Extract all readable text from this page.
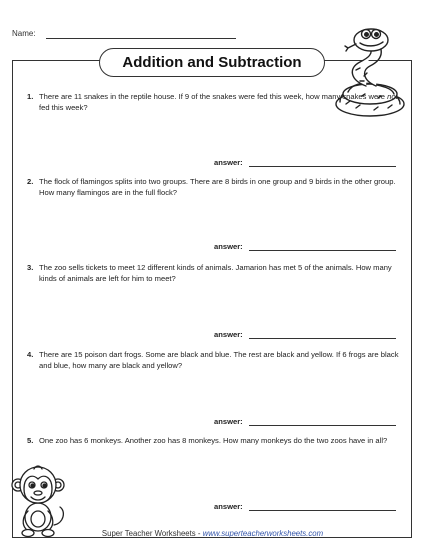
Name:
Addition and Subtraction
1. There are 11 snakes in the reptile house. If 9 of the snakes were fed this week, how many snakes were not fed this week?
answer:
2. The flock of flamingos splits into two groups. There are 8 birds in one group and 9 birds in the other group. How many flamingos are in the full flock?
answer:
3. The zoo sells tickets to meet 12 different kinds of animals. Jamarion has met 5 of the animals. How many kinds of animals are left for him to meet?
answer:
4. There are 15 poison dart frogs. Some are black and blue. The rest are black and yellow. If 6 frogs are black and blue, how many are black and yellow?
answer:
5. One zoo has 6 monkeys. Another zoo has 8 monkeys. How many monkeys do the two zoos have in all?
answer:
Super Teacher Worksheets - www.superteacherworksheets.com
